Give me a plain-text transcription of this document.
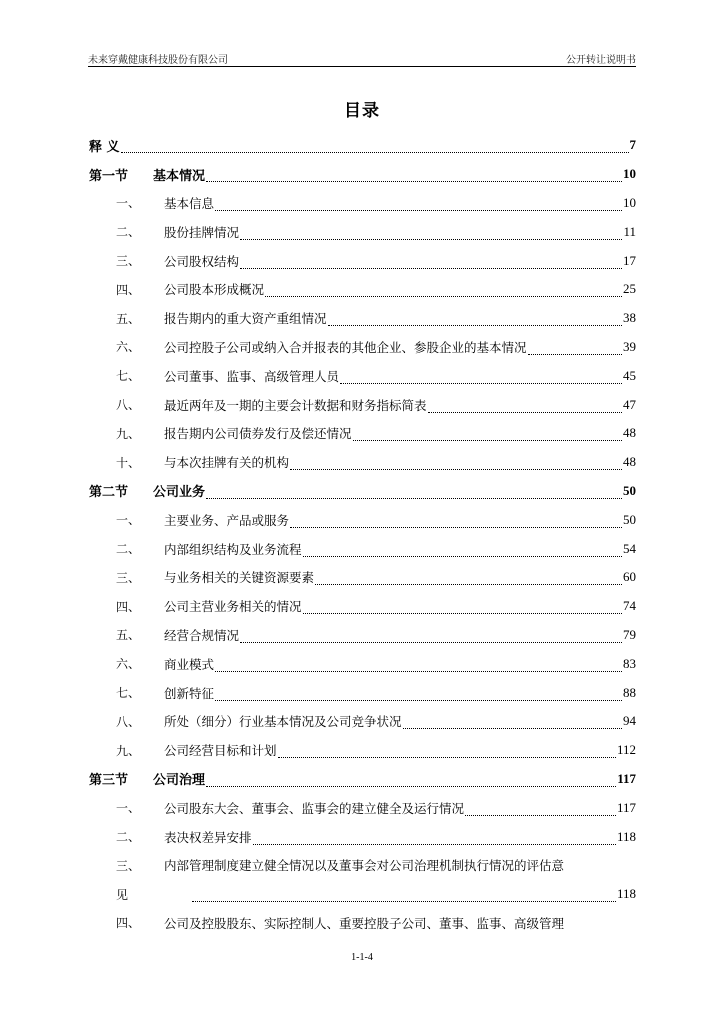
未来穿戴健康科技股份有限公司	公开转让说明书
目录
释 义	7
第一节	基本情况	10
一、	基本信息	10
二、	股份挂牌情况	11
三、	公司股权结构	17
四、	公司股本形成概况	25
五、	报告期内的重大资产重组情况	38
六、	公司控股子公司或纳入合并报表的其他企业、参股企业的基本情况	39
七、	公司董事、监事、高级管理人员	45
八、	最近两年及一期的主要会计数据和财务指标简表	47
九、	报告期内公司债券发行及偿还情况	48
十、	与本次挂牌有关的机构	48
第二节	公司业务	50
一、	主要业务、产品或服务	50
二、	内部组织结构及业务流程	54
三、	与业务相关的关键资源要素	60
四、	公司主营业务相关的情况	74
五、	经营合规情况	79
六、	商业模式	83
七、	创新特征	88
八、	所处（细分）行业基本情况及公司竞争状况	94
九、	公司经营目标和计划	112
第三节	公司治理	117
一、	公司股东大会、董事会、监事会的建立健全及运行情况	117
二、	表决权差异安排	118
三、	内部管理制度建立健全情况以及董事会对公司治理机制执行情况的评估意
见	118
四、	公司及控股股东、实际控制人、重要控股子公司、董事、监事、高级管理
1-1-4
